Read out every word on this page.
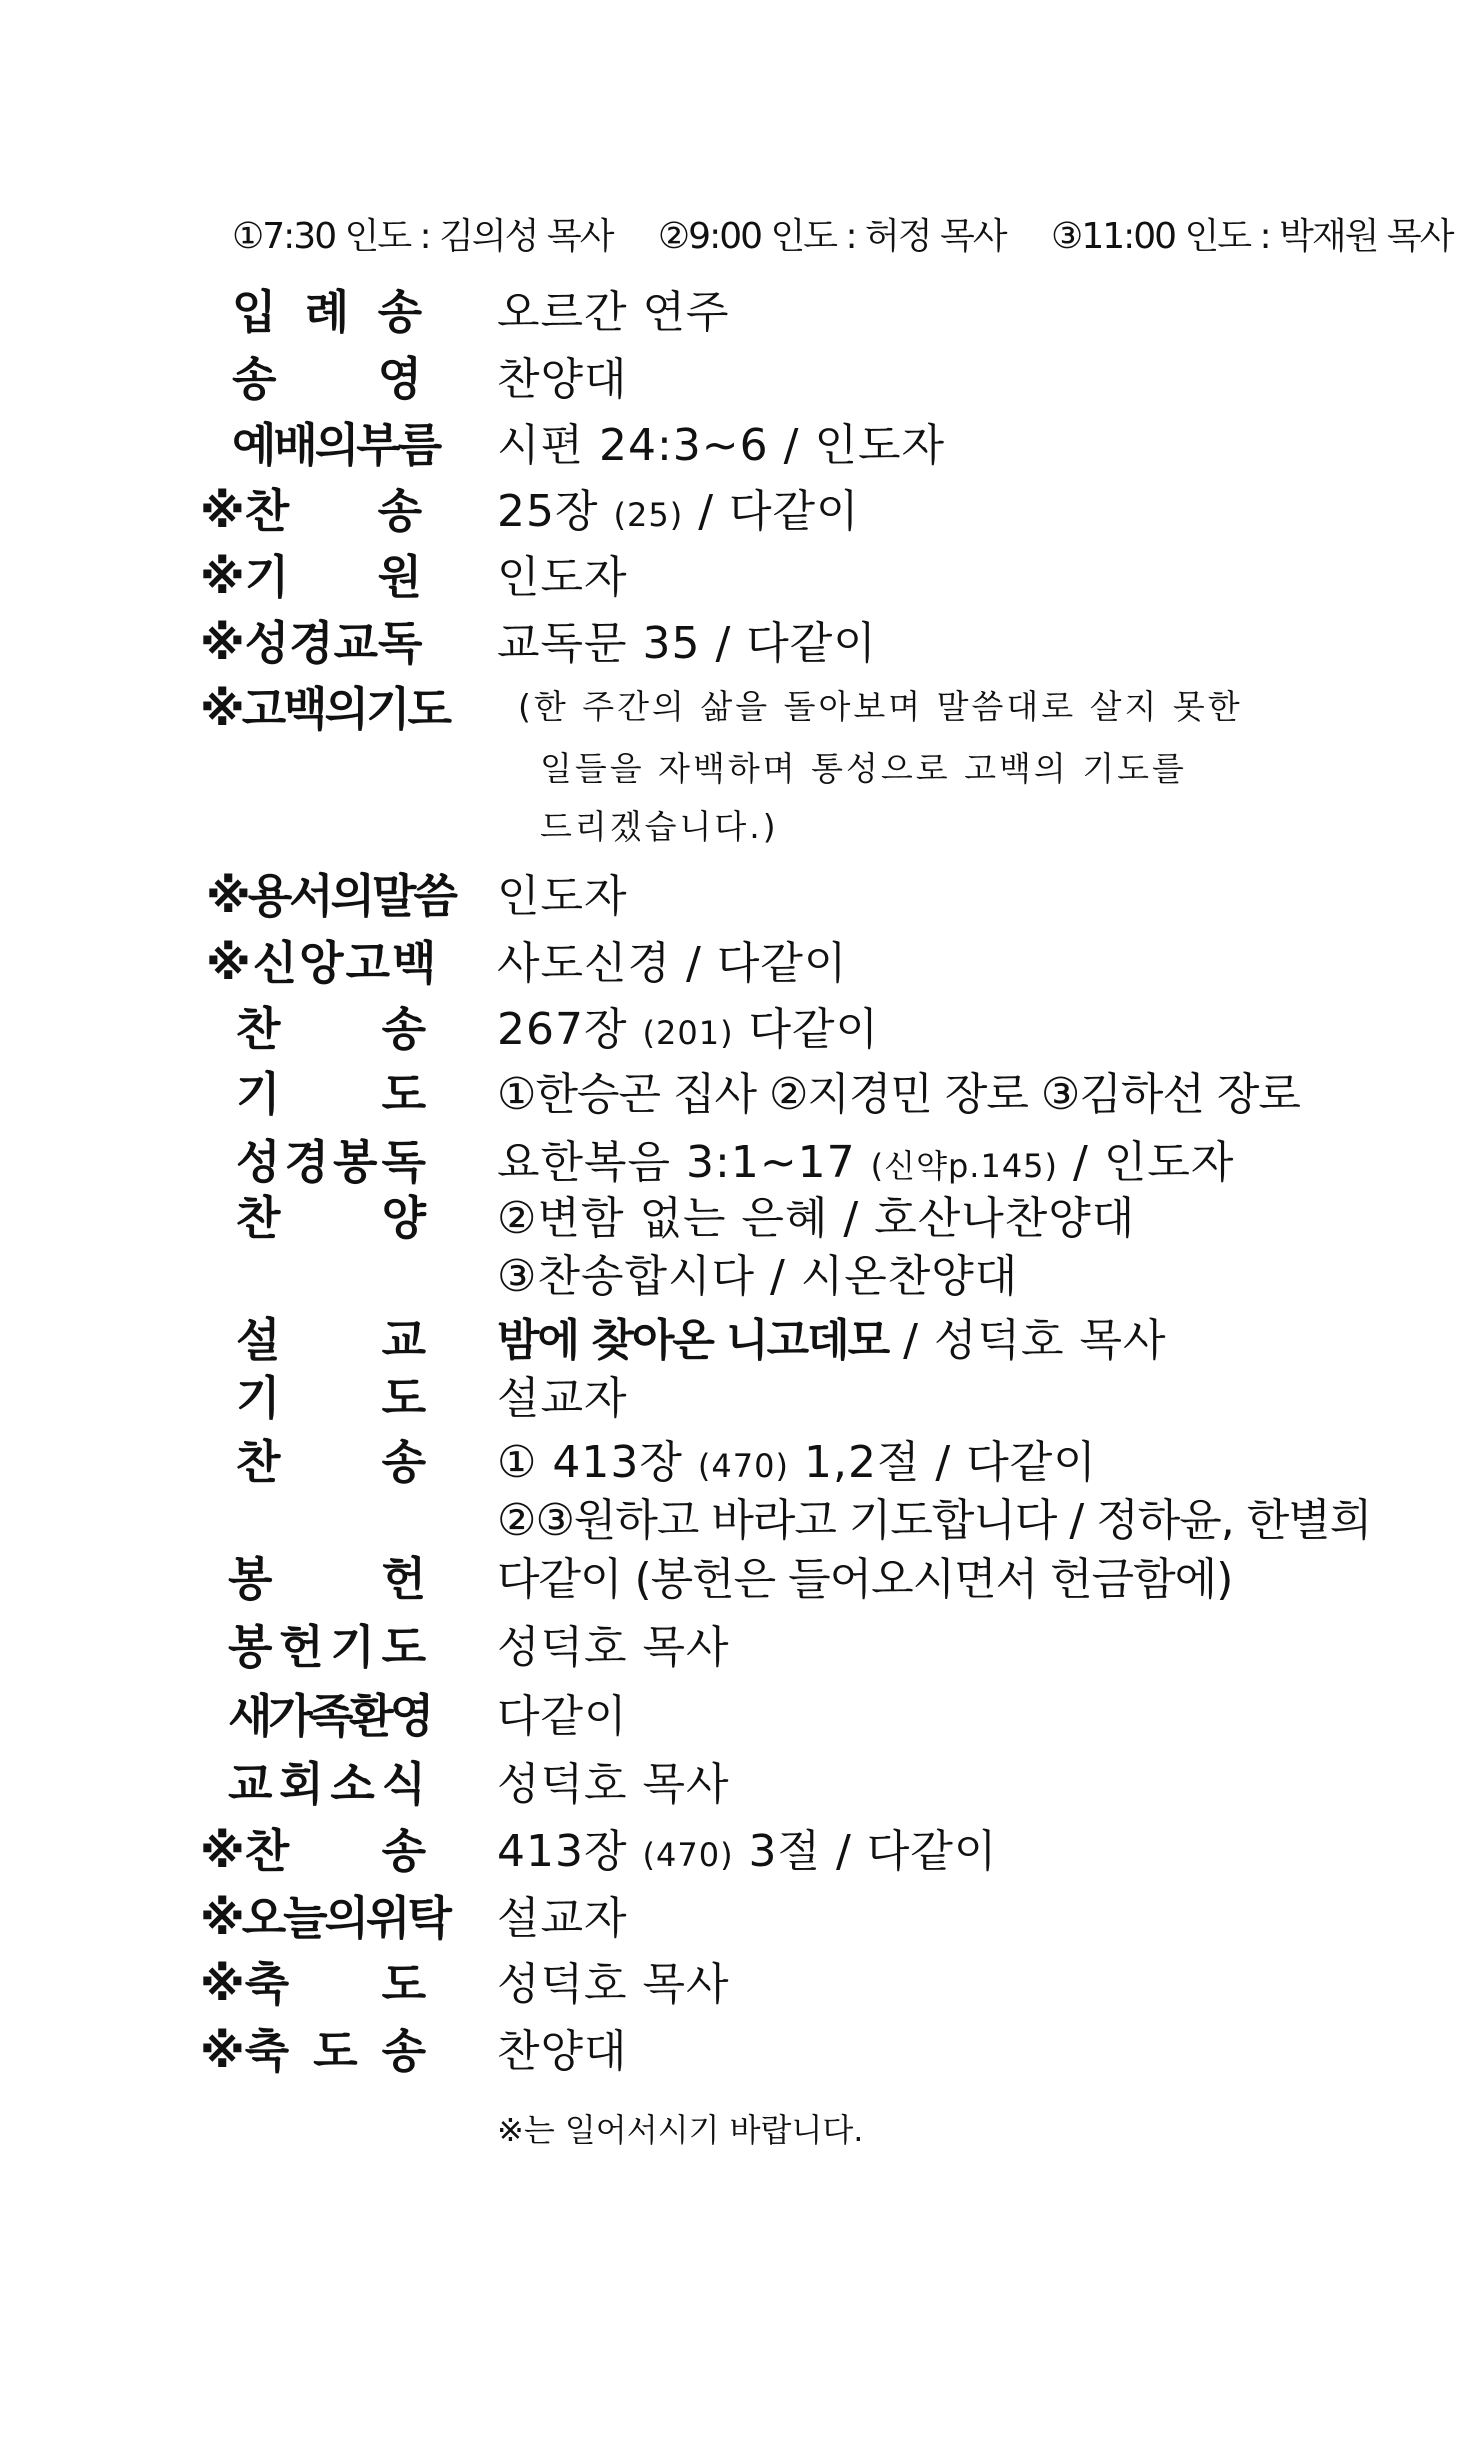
①7:30 인도 : 김의성 목사 ②9:00 인도 : 허정 목사 ③11:00 인도 : 박재원 목사
입 례 송 오르간 연주
송 영 찬양대
예배의부름	시편 24:3~6 / 인도자
※찬 송 25장 (25) / 다같이
※기 원 인도자
※ 성 경 교 독 교독문 35 / 다같이
※고백의기도 (한 주간의 삶을 돌아보며 말씀대로 살지 못한
일들을 자백하며 통성으로 고백의 기도를
드리겠습니다.)
※용서의말씀 인도자
※신앙고백 사도신경 / 다같이
찬 송 267장 (201) 다같이
기 도 ①한승곤 집사 ②지경민 장로 ③김하선 장로
성 경 봉 독 요한복음 3:1~17 (신약p.145) / 인도자
찬 양 ②변함 없는 은혜 / 호산나찬양대
③찬송합시다 / 시온찬양대
설 교 밤에 찾아온 니고데모 / 성덕호 목사
기 도 설교자
찬 송 ① 413장 (470) 1,2절 / 다같이
②③원하고 바라고 기도합니다 / 정하윤, 한별희
봉 헌 다같이 (봉헌은 들어오시면서 헌금함에)
봉 헌 기 도 성덕호 목사
새가족환영	다같이
교 회 소 식 성덕호 목사
※찬 송 413장 (470) 3절 / 다같이
※오늘의위탁 설교자
※축 도 성덕호 목사
※축 도 송 찬양대
※는 일어서시기 바랍니다.
